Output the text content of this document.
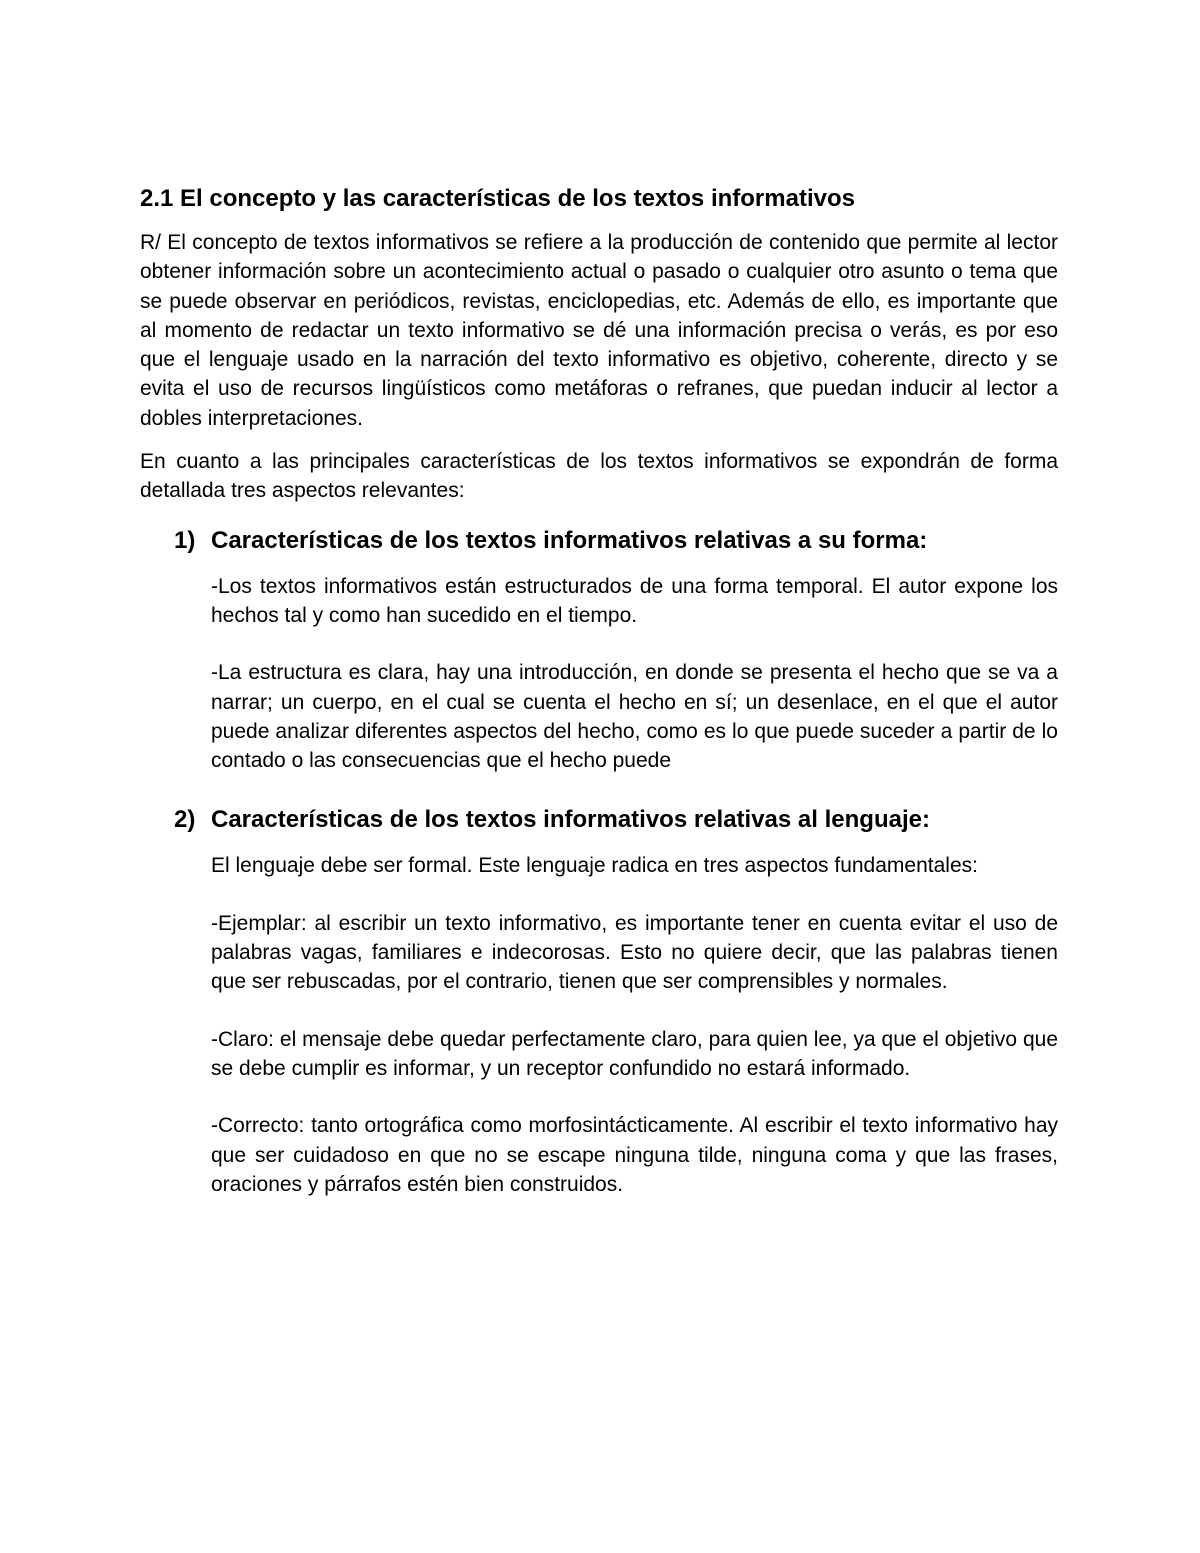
2.1 El concepto y las características de los textos informativos

R/ El concepto de textos informativos se refiere a la producción de contenido que permite al lector obtener información sobre un acontecimiento actual o pasado o cualquier otro asunto o tema que se puede observar en periódicos, revistas, enciclopedias, etc. Además de ello, es importante que al momento de redactar un texto informativo se dé una información precisa o verás, es por eso que el lenguaje usado en la narración del texto informativo es objetivo, coherente, directo y se evita el uso de recursos lingüísticos como metáforas o refranes, que puedan inducir al lector a dobles interpretaciones.

En cuanto a las principales características de los textos informativos se expondrán de forma detallada tres aspectos relevantes:

1) Características de los textos informativos relativas a su forma:

-Los textos informativos están estructurados de una forma temporal. El autor expone los hechos tal y como han sucedido en el tiempo.

-La estructura es clara, hay una introducción, en donde se presenta el hecho que se va a narrar; un cuerpo, en el cual se cuenta el hecho en sí; un desenlace, en el que el autor puede analizar diferentes aspectos del hecho, como es lo que puede suceder a partir de lo contado o las consecuencias que el hecho puede

2) Características de los textos informativos relativas al lenguaje:

El lenguaje debe ser formal. Este lenguaje radica en tres aspectos fundamentales:

-Ejemplar: al escribir un texto informativo, es importante tener en cuenta evitar el uso de palabras vagas, familiares e indecorosas. Esto no quiere decir, que las palabras tienen que ser rebuscadas, por el contrario, tienen que ser comprensibles y normales.

-Claro: el mensaje debe quedar perfectamente claro, para quien lee, ya que el objetivo que se debe cumplir es informar, y un receptor confundido no estará informado.

-Correcto: tanto ortográfica como morfosintácticamente. Al escribir el texto informativo hay que ser cuidadoso en que no se escape ninguna tilde, ninguna coma y que las frases, oraciones y párrafos estén bien construidos.
